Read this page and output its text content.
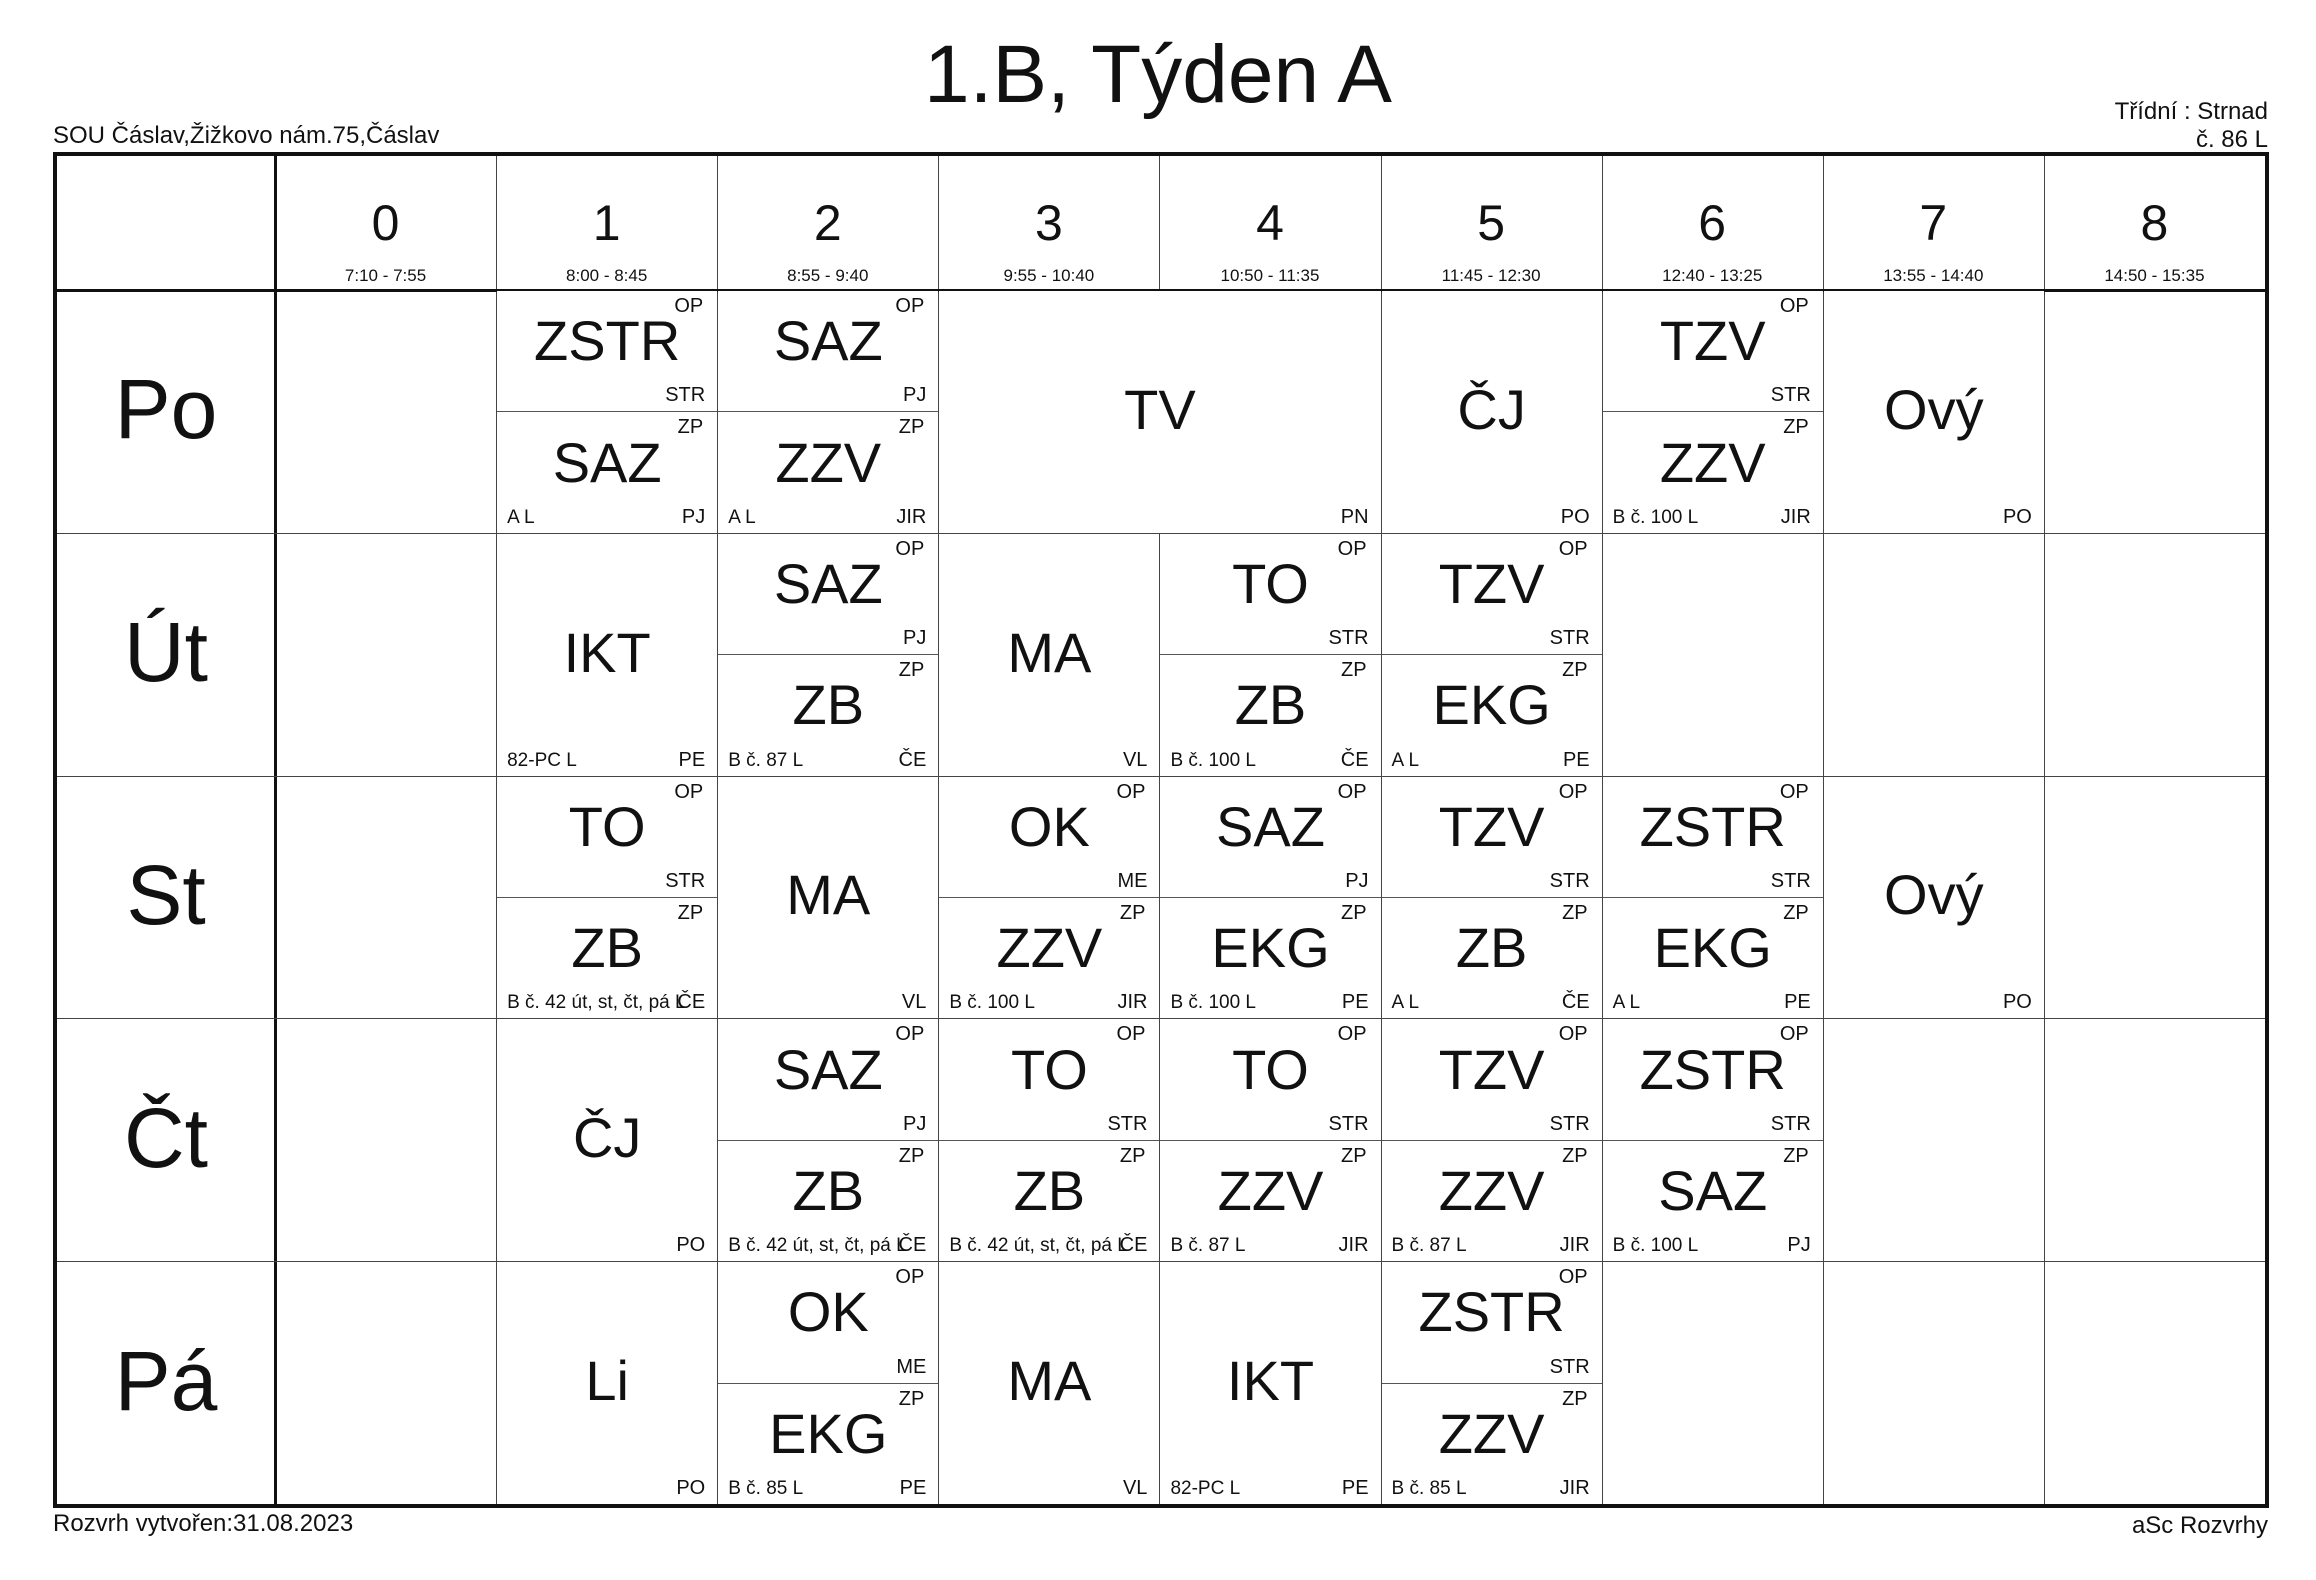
1.B, Týden A
SOU Čáslav,Žižkovo nám.75,Čáslav
Třídní : Strnad
č. 86 L
0
7:10 - 7:55
1
8:00 - 8:45
2
8:55 - 9:40
3
9:55 - 10:40
4
10:50 - 11:35
5
11:45 - 12:30
6
12:40 - 13:25
7
13:55 - 14:40
8
14:50 - 15:35
Po
Út
St
Čt
Pá
ZSTR
OP
STR
SAZ
ZP
PJ
A L
SAZ
OP
PJ
ZZV
ZP
JIR
A L
TV
PN
ČJ
PO
TZV
OP
STR
ZZV
ZP
JIR
B č. 100 L
Ový
PO
IKT
PE
82-PC L
SAZ
OP
PJ
ZB
ZP
ČE
B č. 87 L
MA
VL
TO
OP
STR
ZB
ZP
ČE
B č. 100 L
TZV
OP
STR
EKG
ZP
PE
A L
TO
OP
STR
ZB
ZP
ČE
B č. 42 út, st, čt, pá L
MA
VL
OK
OP
ME
ZZV
ZP
JIR
B č. 100 L
SAZ
OP
PJ
EKG
ZP
PE
B č. 100 L
TZV
OP
STR
ZB
ZP
ČE
A L
ZSTR
OP
STR
EKG
ZP
PE
A L
Ový
PO
ČJ
PO
SAZ
OP
PJ
ZB
ZP
ČE
B č. 42 út, st, čt, pá L
TO
OP
STR
ZB
ZP
ČE
B č. 42 út, st, čt, pá L
TO
OP
STR
ZZV
ZP
JIR
B č. 87 L
TZV
OP
STR
ZZV
ZP
JIR
B č. 87 L
ZSTR
OP
STR
SAZ
ZP
PJ
B č. 100 L
Li
PO
OK
OP
ME
EKG
ZP
PE
B č. 85 L
MA
VL
IKT
PE
82-PC L
ZSTR
OP
STR
ZZV
ZP
JIR
B č. 85 L
Rozvrh vytvořen:31.08.2023	aSc Rozvrhy
